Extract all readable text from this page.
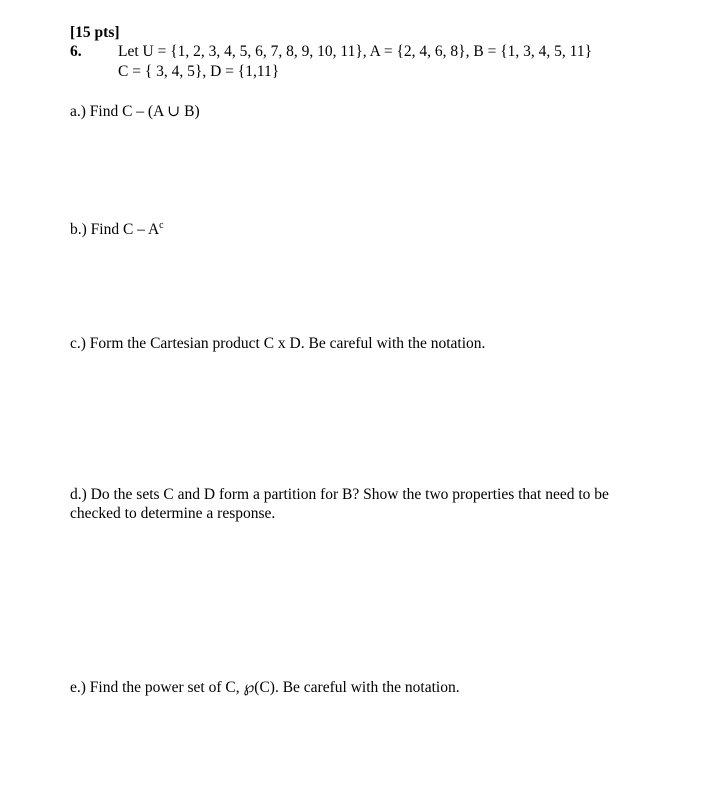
[15 pts]
6. Let U = {1, 2, 3, 4, 5, 6, 7, 8, 9, 10, 11}, A = {2, 4, 6, 8}, B = {1, 3, 4, 5, 11}
C = { 3, 4, 5}, D = {1,11}
a.) Find C – (A ∪ B)
b.) Find C – $A^c$
c.) Form the Cartesian product C x D. Be careful with the notation.
d.) Do the sets C and D form a partition for B? Show the two properties that need to be checked to determine a response.
e.) Find the power set of C, ℘(C). Be careful with the notation.
